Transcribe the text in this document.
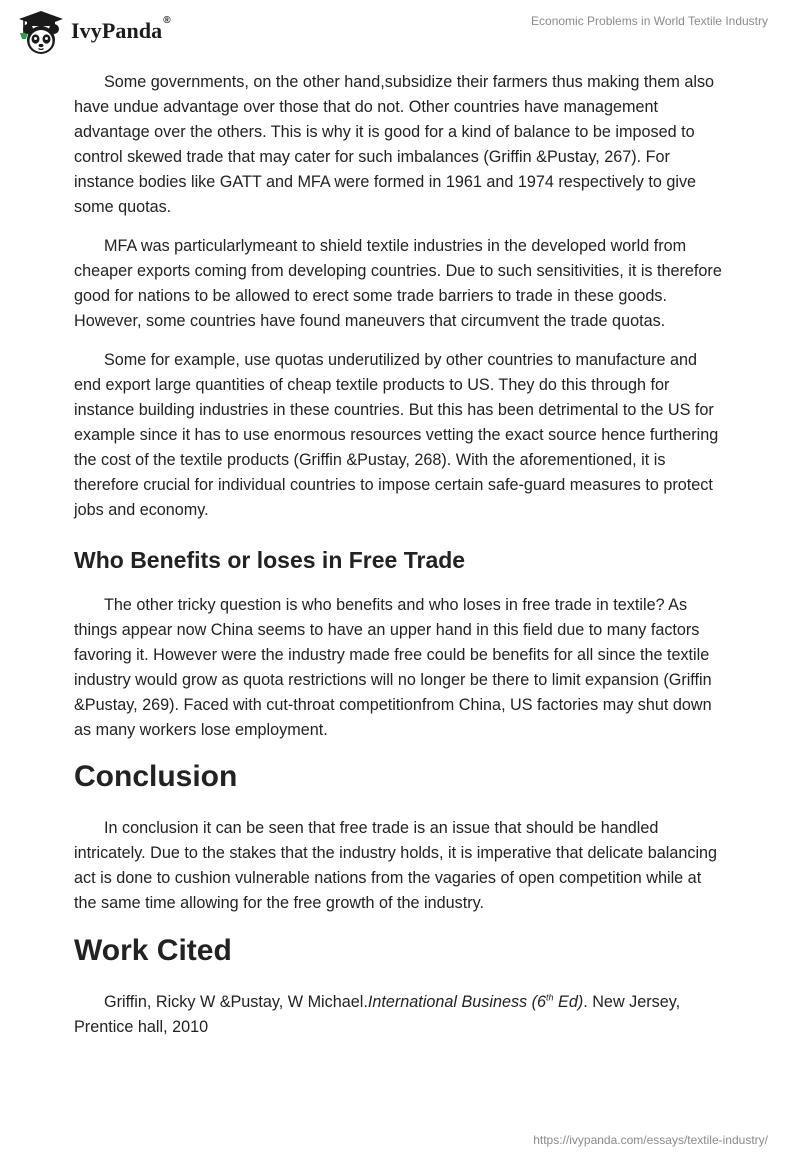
IvyPanda®	Economic Problems in World Textile Industry

Some governments, on the other hand,subsidize their farmers thus making them also have undue advantage over those that do not. Other countries have management advantage over the others. This is why it is good for a kind of balance to be imposed to control skewed trade that may cater for such imbalances (Griffin &Pustay, 267). For instance bodies like GATT and MFA were formed in 1961 and 1974 respectively to give some quotas.

MFA was particularlymeant to shield textile industries in the developed world from cheaper exports coming from developing countries. Due to such sensitivities, it is therefore good for nations to be allowed to erect some trade barriers to trade in these goods. However, some countries have found maneuvers that circumvent the trade quotas.

Some for example, use quotas underutilized by other countries to manufacture and end export large quantities of cheap textile products to US. They do this through for instance building industries in these countries. But this has been detrimental to the US for example since it has to use enormous resources vetting the exact source hence furthering the cost of the textile products (Griffin &Pustay, 268). With the aforementioned, it is therefore crucial for individual countries to impose certain safe-guard measures to protect jobs and economy.

Who Benefits or loses in Free Trade

The other tricky question is who benefits and who loses in free trade in textile? As things appear now China seems to have an upper hand in this field due to many factors favoring it. However were the industry made free could be benefits for all since the textile industry would grow as quota restrictions will no longer be there to limit expansion (Griffin &Pustay, 269). Faced with cut-throat competitionfrom China, US factories may shut down as many workers lose employment.

Conclusion

In conclusion it can be seen that free trade is an issue that should be handled intricately. Due to the stakes that the industry holds, it is imperative that delicate balancing act is done to cushion vulnerable nations from the vagaries of open competition while at the same time allowing for the free growth of the industry.

Work Cited

Griffin, Ricky W &Pustay, W Michael.International Business (6th Ed). New Jersey, Prentice hall, 2010

https://ivypanda.com/essays/textile-industry/
